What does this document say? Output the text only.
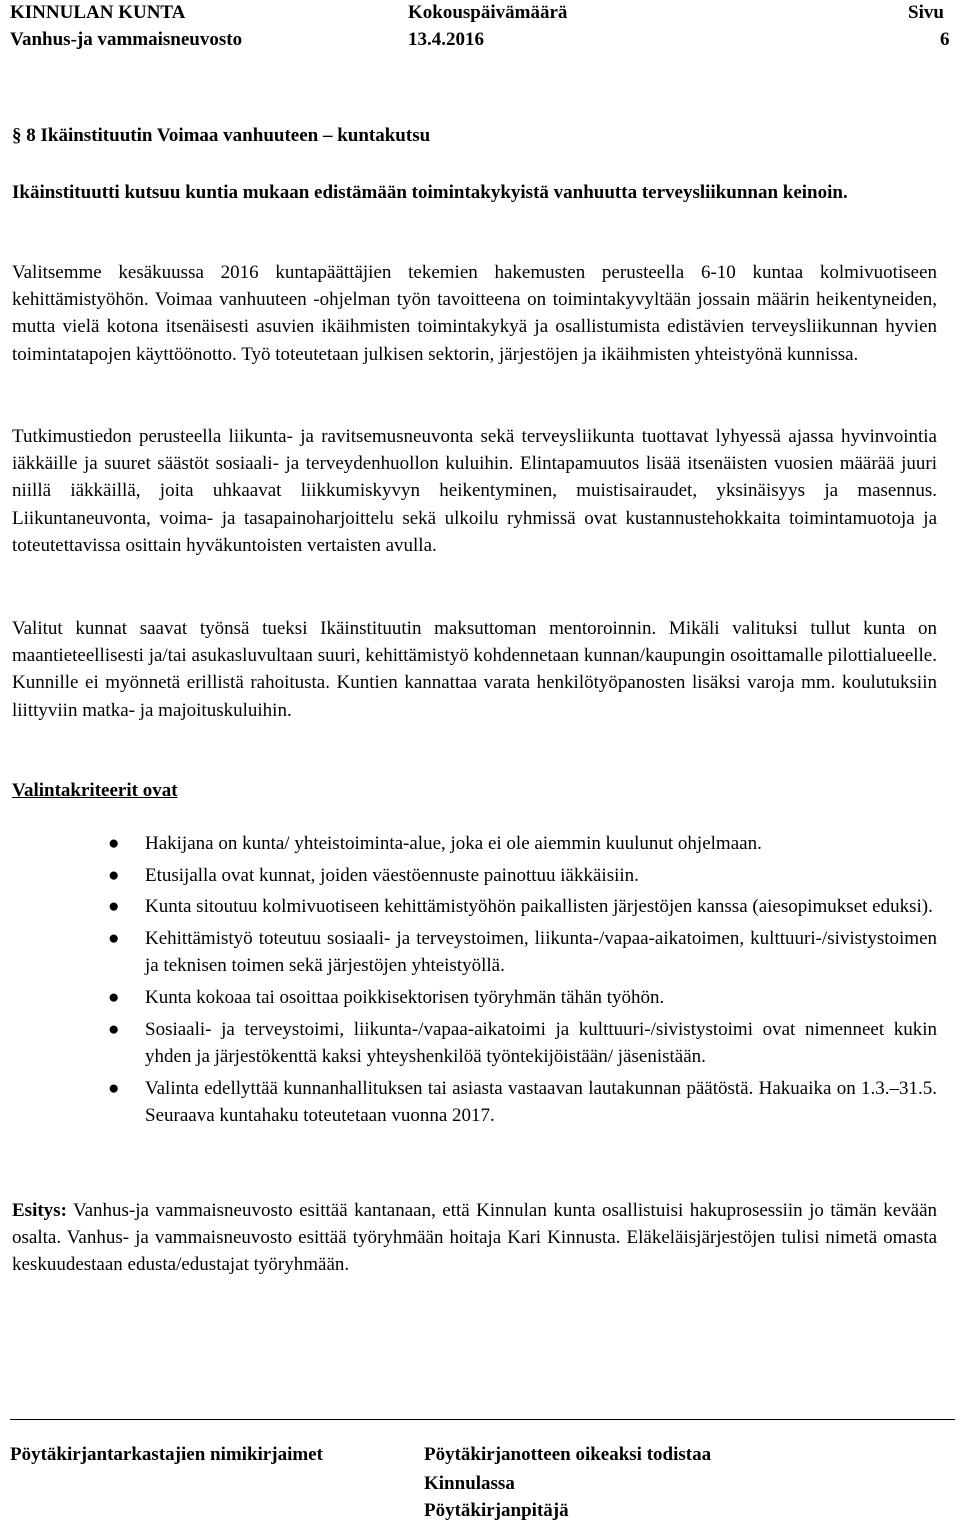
KINNULAN KUNTA
Vanhus-ja vammaisneuvosto
Kokouspäivämäärä
13.4.2016
Sivu
6
§ 8 Ikäinstituutin Voimaa vanhuuteen – kuntakutsu

Ikäinstituutti kutsuu kuntia mukaan edistämään toimintakykyistä vanhuutta terveysliikunnan keinoin.

Valitsemme kesäkuussa 2016 kuntapäättäjien tekemien hakemusten perusteella 6-10 kuntaa kolmivuotiseen kehittämistyöhön. Voimaa vanhuuteen -ohjelman työn tavoitteena on toimintakyvyltään jossain määrin heikentyneiden, mutta vielä kotona itsenäisesti asuvien ikäihmisten toimintakykyä ja osallistumista edistävien terveysliikunnan hyvien toimintatapojen käyttöönotto. Työ toteutetaan julkisen sektorin, järjestöjen ja ikäihmisten yhteistyönä kunnissa.

Tutkimustiedon perusteella liikunta- ja ravitsemusneuvonta sekä terveysliikunta tuottavat lyhyessä ajassa hyvinvointia iäkkäille ja suuret säästöt sosiaali- ja terveydenhuollon kuluihin. Elintapamuutos lisää itsenäisten vuosien määrää juuri niillä iäkkäillä, joita uhkaavat liikkumiskyvyn heikentyminen, muistisairaudet, yksinäisyys ja masennus. Liikuntaneuvonta, voima- ja tasapainoharjoittelu sekä ulkoilu ryhmissä ovat kustannustehokkaita toimintamuotoja ja toteutettavissa osittain hyväkuntoisten vertaisten avulla.

Valitut kunnat saavat työnsä tueksi Ikäinstituutin maksuttoman mentoroinnin. Mikäli valituksi tullut kunta on maantieteellisesti ja/tai asukasluvultaan suuri, kehittämistyö kohdennetaan kunnan/kaupungin osoittamalle pilottialueelle. Kunnille ei myönnetä erillistä rahoitusta. Kuntien kannattaa varata henkilötyöpanosten lisäksi varoja mm. koulutuksiin liittyviin matka- ja majoituskuluihin.

Valintakriteerit ovat
● Hakijana on kunta/ yhteistoiminta-alue, joka ei ole aiemmin kuulunut ohjelmaan.
● Etusijalla ovat kunnat, joiden väestöennuste painottuu iäkkäisiin.
● Kunta sitoutuu kolmivuotiseen kehittämistyöhön paikallisten järjestöjen kanssa (aiesopimukset eduksi).
● Kehittämistyö toteutuu sosiaali- ja terveystoimen, liikunta-/vapaa-aikatoimen, kulttuuri-/sivistystoimen ja teknisen toimen sekä järjestöjen yhteistyöllä.
● Kunta kokoaa tai osoittaa poikkisektorisen työryhmän tähän työhön.
● Sosiaali- ja terveystoimi, liikunta-/vapaa-aikatoimi ja kulttuuri-/sivistystoimi ovat nimenneet kukin yhden ja järjestökenttä kaksi yhteyshenkilöä työntekijöistään/ jäsenistään.
● Valinta edellyttää kunnanhallituksen tai asiasta vastaavan lautakunnan päätöstä. Hakuaika on 1.3.–31.5. Seuraava kuntahaku toteutetaan vuonna 2017.

Esitys: Vanhus-ja vammaisneuvosto esittää kantanaan, että Kinnulan kunta osallistuisi hakuprosessiin jo tämän kevään osalta. Vanhus- ja vammaisneuvosto esittää työryhmään hoitaja Kari Kinnusta. Eläkeläisjärjestöjen tulisi nimetä omasta keskuudestaan edusta/edustajat työryhmään.

Pöytäkirjantarkastajien nimikirjaimet	Pöytäkirjanotteen oikeaksi todistaa
Kinnulassa
Pöytäkirjanpitäjä
